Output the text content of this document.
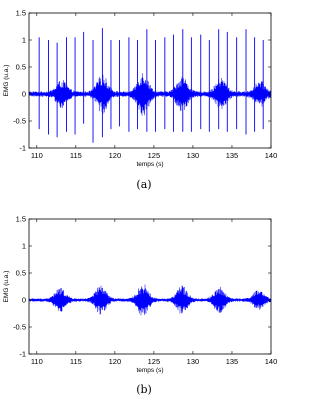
110	115	120	125	130	135	140
-1
-0.5
0
0.5
1
1.5
temps (s)
EMG (u.a.)
(a)
110	115	120	125	130	135	140
-1
-0.5
0
0.5
1
1.5
temps (s)
EMG (u.a.)
(b)
